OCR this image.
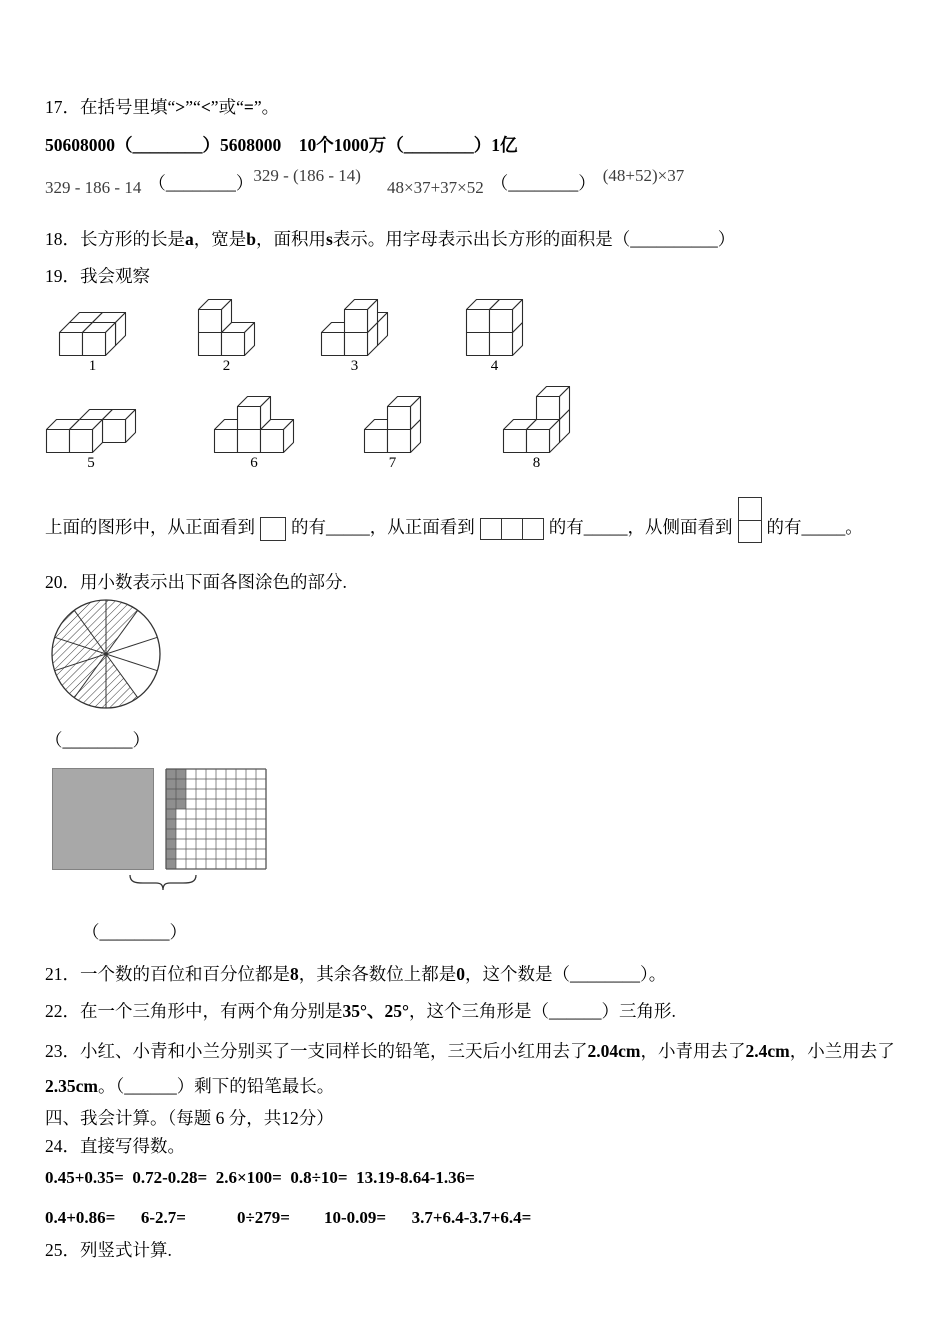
17．在括号里填“>”“<”或“=”。

50608000（________）5608000    10个1000万（________）1亿

329 - 186 - 14 （________）329 - (186 - 14)48×37+37×52 （________） (48+52)×37

18．长方形的长是a，宽是b，面积用s表示。用字母表示出长方形的面积是（__________）

19．我会观察

1	2	3	4
5	6	7	8

上面的图形中，从正面看到 的有_____，从正面看到	的有_____，从侧面看到 的有_____。

20．用小数表示出下面各图涂色的部分.

（________）

（________）

21．一个数的百位和百分位都是8，其余各数位上都是0，这个数是（________）。

22．在一个三角形中，有两个角分别是35°、25°，这个三角形是（______）三角形.

23．小红、小青和小兰分别买了一支同样长的铅笔，三天后小红用去了2.04cm，小青用去了2.4cm，小兰用去了

2.35cm。（______）剩下的铅笔最长。

四、我会计算。（每题 6 分，共12分）

24．直接写得数。

0.45+0.35=  0.72-0.28=  2.6×100=  0.8÷10=  13.19-8.64-1.36=

0.4+0.86=      6-2.7=            0÷279=        10-0.09=      3.7+6.4-3.7+6.4=

25．列竖式计算.
